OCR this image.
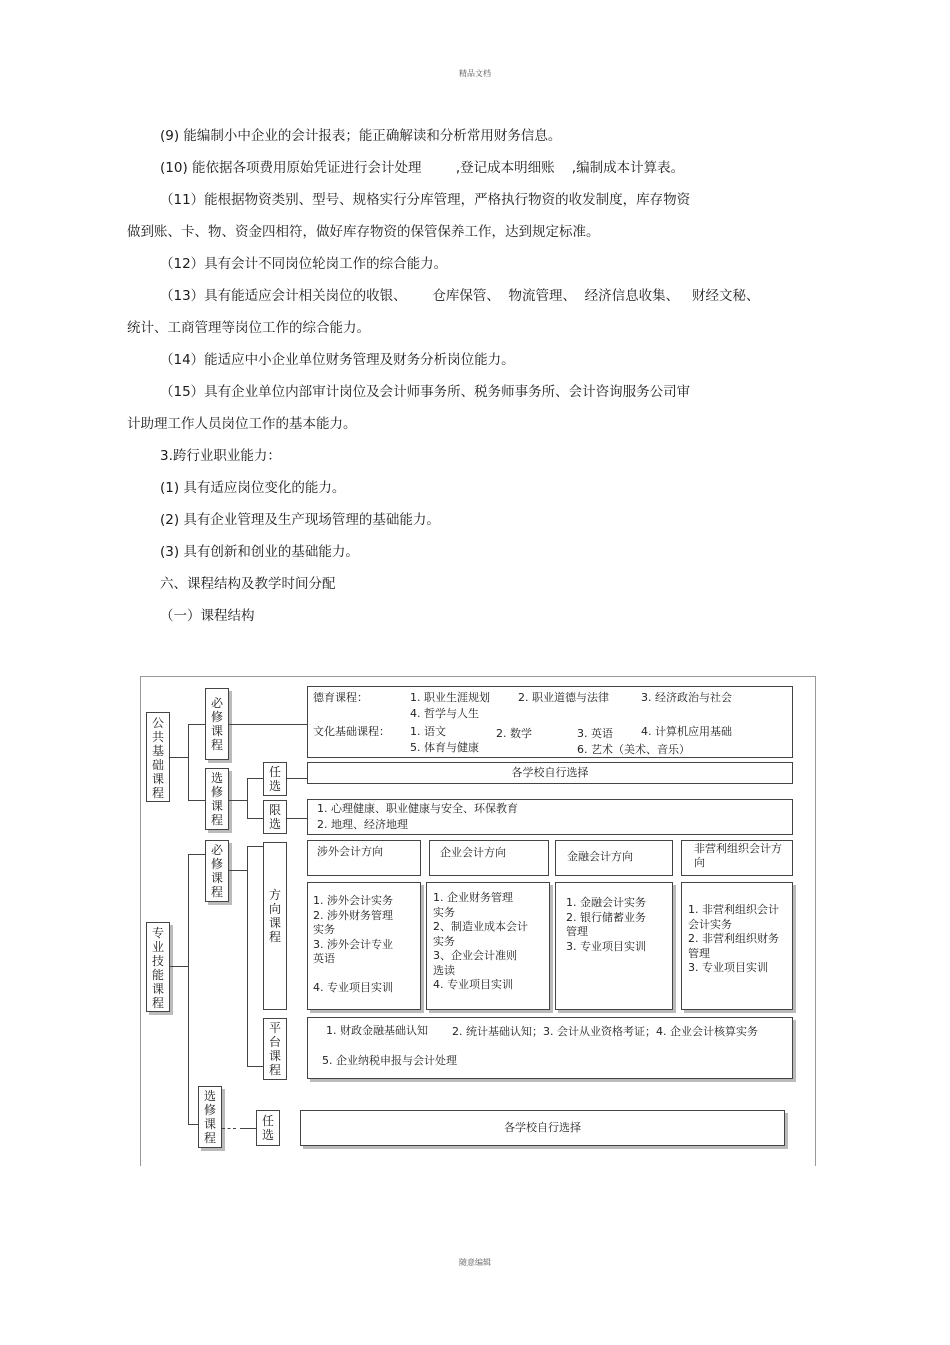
精品文档
(9) 能编制小中企业的会计报表；能正确解读和分析常用财务信息。
(10) 能依据各项费用原始凭证进行会计处理        ,登记成本明细账    ,编制成本计算表。
（11）能根据物资类别、型号、规格实行分库管理，严格执行物资的收发制度，库存物资
做到账、卡、物、资金四相符，做好库存物资的保管保养工作，达到规定标准。
（12）具有会计不同岗位轮岗工作的综合能力。
（13）具有能适应会计相关岗位的收银、      仓库保管、  物流管理、  经济信息收集、   财经文秘、
统计、工商管理等岗位工作的综合能力。
（14）能适应中小企业单位财务管理及财务分析岗位能力。
（15）具有企业单位内部审计岗位及会计师事务所、税务师事务所、会计咨询服务公司审
计助理工作人员岗位工作的基本能力。
3.跨行业职业能力：
(1) 具有适应岗位变化的能力。
(2) 具有企业管理及生产现场管理的基础能力。
(3) 具有创新和创业的基础能力。
六、课程结构及教学时间分配
（一）课程结构
公共基础课程
必修课程
选修课程
任选
限选
德育课程：	1. 职业生涯规划	2. 职业道德与法律	3. 经济政治与社会
4. 哲学与人生
文化基础课程： 1. 语文	2. 数学	3. 英语	4. 计算机应用基础
5. 体育与健康	6. 艺术（美术、音乐）
各学校自行选择
1. 心理健康、职业健康与安全、环保教育
2. 地理、经济地理
专业技能课程
必修课程
选修课程
方向课程
平台课程
涉外会计方向	企业会计方向	金融会计方向
非营利组织会计方向
1. 涉外会计实务
2. 涉外财务管理
实务
3. 涉外会计专业
英语
4. 专业项目实训
1. 企业财务管理
实务
2、制造业成本会计
实务
3、企业会计准则
选读
4. 专业项目实训
1. 金融会计实务
2. 银行储蓄业务
管理
3. 专业项目实训
1. 非营利组织会计
会计实务
2. 非营利组织财务
管理
3. 专业项目实训
1. 财政金融基础认知 2. 统计基础认知；3. 会计从业资格考证；4. 企业会计核算实务
5. 企业纳税申报与会计处理
任选
各学校自行选择
随意编辑
